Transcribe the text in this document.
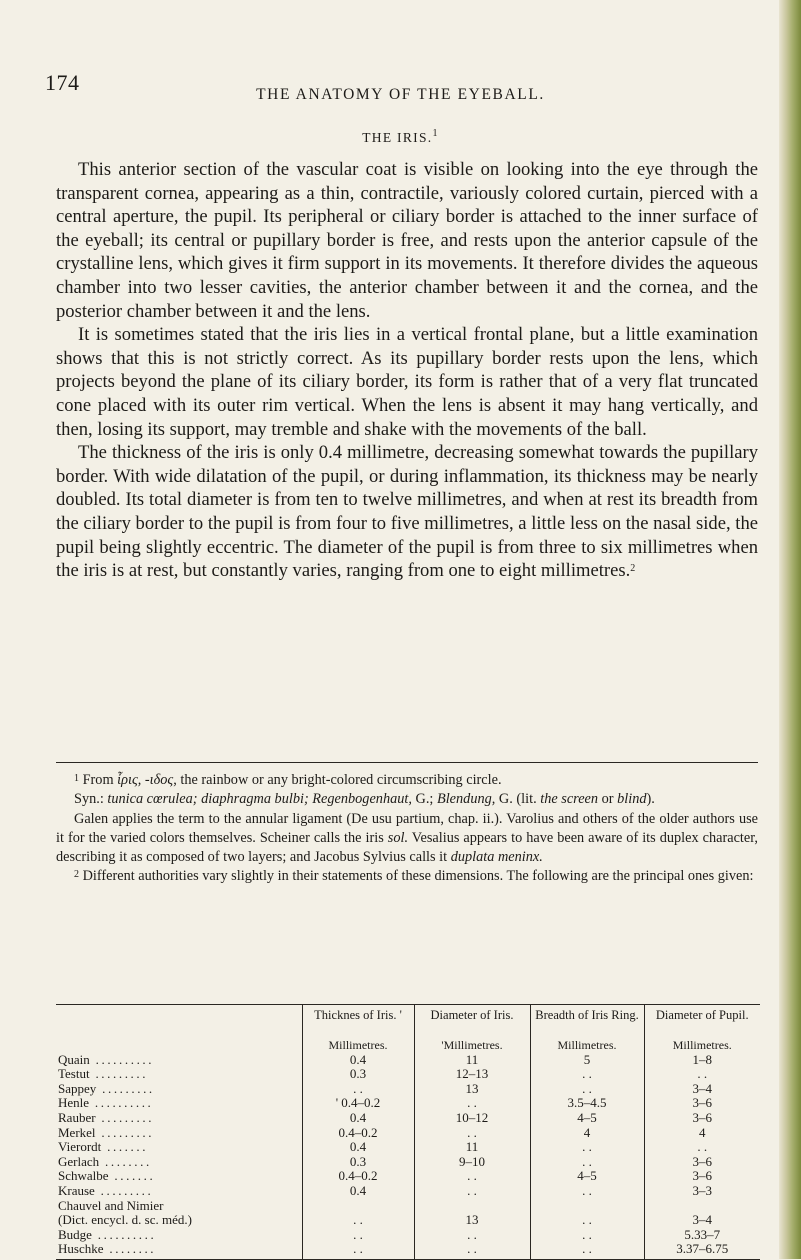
174	THE ANATOMY OF THE EYEBALL.
THE IRIS.$^1$

This anterior section of the vascular coat is visible on looking into the eye through the transparent cornea, appearing as a thin, contractile, variously colored curtain, pierced with a central aperture, the pupil. Its peripheral or ciliary border is attached to the inner surface of the eyeball; its central or pupillary border is free, and rests upon the anterior capsule of the crystalline lens, which gives it firm support in its movements. It therefore divides the aqueous chamber into two lesser cavities, the anterior chamber between it and the cornea, and the posterior chamber between it and the lens.

It is sometimes stated that the iris lies in a vertical frontal plane, but a little examination shows that this is not strictly correct. As its pupillary border rests upon the lens, which projects beyond the plane of its ciliary border, its form is rather that of a very flat truncated cone placed with its outer rim vertical. When the lens is absent it may hang vertically, and then, losing its support, may tremble and shake with the movements of the ball.

The thickness of the iris is only 0.4 millimetre, decreasing somewhat towards the pupillary border. With wide dilatation of the pupil, or during inflammation, its thickness may be nearly doubled. Its total diameter is from ten to twelve millimetres, and when at rest its breadth from the ciliary border to the pupil is from four to five millimetres, a little less on the nasal side, the pupil being slightly eccentric. The diameter of the pupil is from three to six millimetres when the iris is at rest, but constantly varies, ranging from one to eight millimetres.$^2$

$^1$ From ἶρις, -ιδος, the rainbow or any bright-colored circumscribing circle.

Syn.: tunica cœrulea; diaphragma bulbi; Regenbogenhaut, G.; Blendung, G. (lit. the screen or blind).

Galen applies the term to the annular ligament (De usu partium, chap. ii.). Varolius and others of the older authors use it for the varied colors themselves. Scheiner calls the iris sol. Vesalius appears to have been aware of its duplex character, describing it as composed of two layers; and Jacobus Sylvius calls it duplata meninx.

$^2$ Different authorities vary slightly in their statements of these dimensions. The following are the principal ones given:

	Thicknes of Iris. '	Diameter of Iris.	Breadth of Iris Ring.	Diameter of Pupil.
	Millimetres.	'Millimetres.	Millimetres.	Millimetres.
Quain ..........	0.4	11	5	1–8
Testut .........	0.3	12–13	. .	. .
Sappey .........	. .	13	. .	3–4
Henle ..........	' 0.4–0.2	. .	3.5–4.5	3–6
Rauber .........	0.4	10–12	4–5	3–6
Merkel .........	0.4–0.2	. .	4	4
Vierordt .......	0.4	11	. .	. .
Gerlach ........	0.3	9–10	. .	3–6
Schwalbe .......	0.4–0.2	. .	4–5	3–6
Krause .........	0.4	. .	. .	3–3
Chauvel and Nimier				
(Dict. encycl. d. sc. méd.)	. .	13	. .	3–4
Budge ..........	. .	. .	. .	5.33–7
Huschke ........	. .	. .	. .	3.37–6.75
